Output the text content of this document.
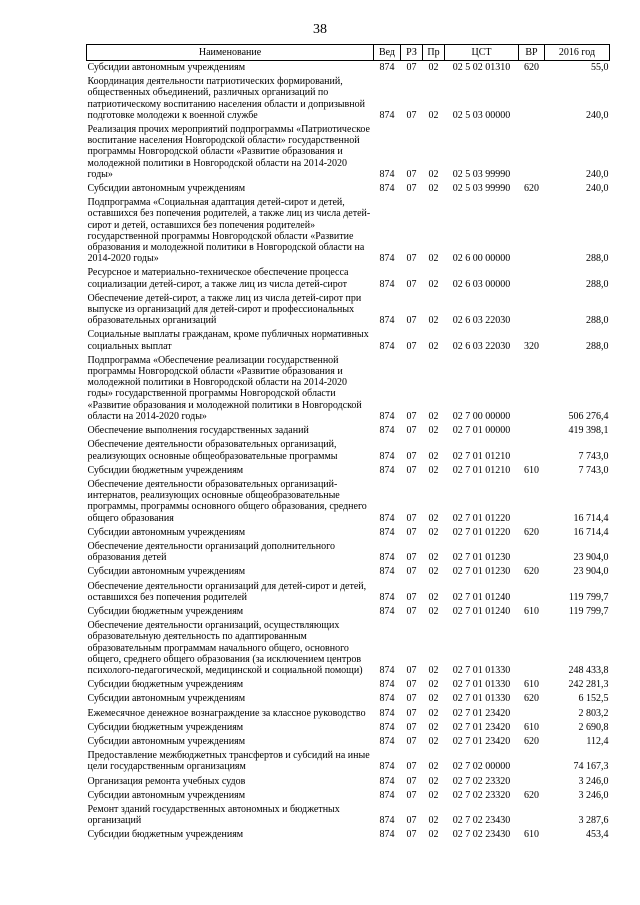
38
Наименование	Вед	РЗ	Пр	ЦСТ	ВР	2016 год
Субсидии автономным учреждениям	874	07	02	02 5 02 01310	620	55,0
Координация деятельности патриотических формирований, общественных объединений, различных организаций по патриотическому воспитанию населения области и допризывной подготовке молодежи к военной службе	874	07	02	02 5 03 00000		240,0
Реализация прочих мероприятий подпрограммы «Патриотическое воспитание населения Новгородской области» государственной программы Новгородской области «Развитие образования и молодежной политики в Новгородской области на 2014-2020 годы»	874	07	02	02 5 03 99990		240,0
Субсидии автономным учреждениям	874	07	02	02 5 03 99990	620	240,0
Подпрограмма «Социальная адаптация детей-сирот и детей, оставшихся без попечения родителей, а также лиц из числа детей-сирот и детей, оставшихся без попечения родителей» государственной программы Новгородской области «Развитие образования и молодежной политики в Новгородской области на 2014-2020 годы»	874	07	02	02 6 00 00000		288,0
Ресурсное и материально-техническое обеспечение процесса социализации детей-сирот, а также лиц из числа детей-сирот	874	07	02	02 6 03 00000		288,0
Обеспечение детей-сирот, а также лиц из числа детей-сирот при выпуске из организаций для детей-сирот и профессиональных образовательных организаций	874	07	02	02 6 03 22030		288,0
Социальные выплаты гражданам, кроме публичных нормативных социальных выплат	874	07	02	02 6 03 22030	320	288,0
Подпрограмма «Обеспечение реализации государственной программы Новгородской области «Развитие образования и молодежной политики в Новгородской области на 2014-2020 годы» государственной программы Новгородской области «Развитие образования и молодежной политики в Новгородской области на 2014-2020 годы»	874	07	02	02 7 00 00000		506 276,4
Обеспечение выполнения государственных заданий	874	07	02	02 7 01 00000		419 398,1
Обеспечение деятельности образовательных организаций, реализующих основные общеобразовательные программы	874	07	02	02 7 01 01210		7 743,0
Субсидии бюджетным учреждениям	874	07	02	02 7 01 01210	610	7 743,0
Обеспечение деятельности образовательных организаций-интернатов, реализующих основные общеобразовательные программы, программы основного общего образования, среднего общего образования	874	07	02	02 7 01 01220		16 714,4
Субсидии автономным учреждениям	874	07	02	02 7 01 01220	620	16 714,4
Обеспечение деятельности организаций дополнительного образования детей	874	07	02	02 7 01 01230		23 904,0
Субсидии автономным учреждениям	874	07	02	02 7 01 01230	620	23 904,0
Обеспечение деятельности организаций для детей-сирот и детей, оставшихся без попечения родителей	874	07	02	02 7 01 01240		119 799,7
Субсидии бюджетным учреждениям	874	07	02	02 7 01 01240	610	119 799,7
Обеспечение деятельности организаций, осуществляющих образовательную деятельность по адаптированным образовательным программам начального общего, основного общего, среднего общего образования (за исключением центров психолого-педагогической, медицинской и социальной помощи)	874	07	02	02 7 01 01330		248 433,8
Субсидии бюджетным учреждениям	874	07	02	02 7 01 01330	610	242 281,3
Субсидии автономным учреждениям	874	07	02	02 7 01 01330	620	6 152,5
Ежемесячное денежное вознаграждение за классное руководство	874	07	02	02 7 01 23420		2 803,2
Субсидии бюджетным учреждениям	874	07	02	02 7 01 23420	610	2 690,8
Субсидии автономным учреждениям	874	07	02	02 7 01 23420	620	112,4
Предоставление межбюджетных трансфертов и субсидий на иные цели государственным организациям	874	07	02	02 7 02 00000		74 167,3
Организация ремонта учебных судов	874	07	02	02 7 02 23320		3 246,0
Субсидии автономным учреждениям	874	07	02	02 7 02 23320	620	3 246,0
Ремонт зданий государственных автономных и бюджетных организаций	874	07	02	02 7 02 23430		3 287,6
Субсидии бюджетным учреждениям	874	07	02	02 7 02 23430	610	453,4
